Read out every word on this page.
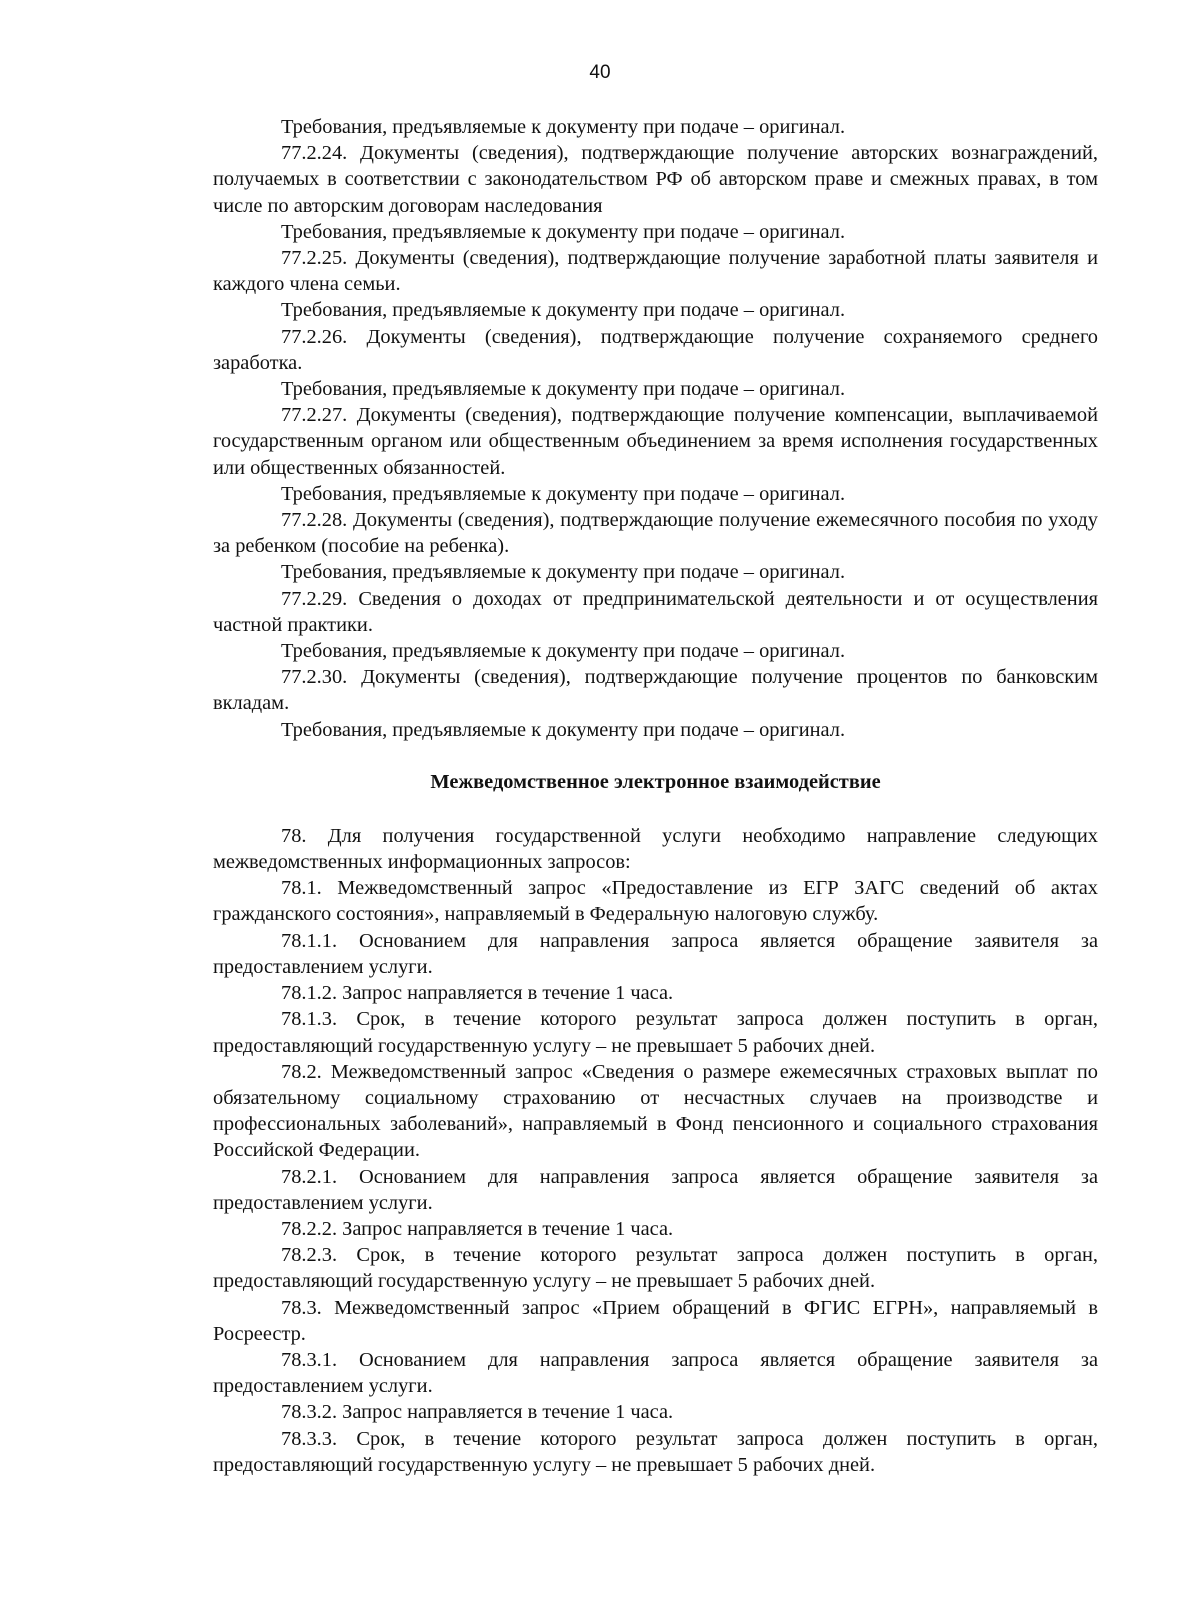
40

Требования, предъявляемые к документу при подаче – оригинал.

77.2.24. Документы (сведения), подтверждающие получение авторских вознаграждений, получаемых в соответствии с законодательством РФ об авторском праве и смежных правах, в том числе по авторским договорам наследования

Требования, предъявляемые к документу при подаче – оригинал.

77.2.25. Документы (сведения), подтверждающие получение заработной платы заявителя и каждого члена семьи.

Требования, предъявляемые к документу при подаче – оригинал.

77.2.26. Документы (сведения), подтверждающие получение сохраняемого среднего заработка.

Требования, предъявляемые к документу при подаче – оригинал.

77.2.27. Документы (сведения), подтверждающие получение компенсации, выплачиваемой государственным органом или общественным объединением за время исполнения государственных или общественных обязанностей.

Требования, предъявляемые к документу при подаче – оригинал.

77.2.28. Документы (сведения), подтверждающие получение ежемесячного пособия по уходу за ребенком (пособие на ребенка).

Требования, предъявляемые к документу при подаче – оригинал.

77.2.29. Сведения о доходах от предпринимательской деятельности и от осуществления частной практики.

Требования, предъявляемые к документу при подаче – оригинал.

77.2.30. Документы (сведения), подтверждающие получение процентов по банковским вкладам.

Требования, предъявляемые к документу при подаче – оригинал.

Межведомственное электронное взаимодействие

78. Для получения государственной услуги необходимо направление следующих межведомственных информационных запросов:

78.1. Межведомственный запрос «Предоставление из ЕГР ЗАГС сведений об актах гражданского состояния», направляемый в Федеральную налоговую службу.

78.1.1. Основанием для направления запроса является обращение заявителя за предоставлением услуги.

78.1.2. Запрос направляется в течение 1 часа.

78.1.3. Срок, в течение которого результат запроса должен поступить в орган, предоставляющий государственную услугу – не превышает 5 рабочих дней.

78.2. Межведомственный запрос «Сведения о размере ежемесячных страховых выплат по обязательному социальному страхованию от несчастных случаев на производстве и профессиональных заболеваний», направляемый в Фонд пенсионного и социального страхования Российской Федерации.

78.2.1. Основанием для направления запроса является обращение заявителя за предоставлением услуги.

78.2.2. Запрос направляется в течение 1 часа.

78.2.3. Срок, в течение которого результат запроса должен поступить в орган, предоставляющий государственную услугу – не превышает 5 рабочих дней.

78.3. Межведомственный запрос «Прием обращений в ФГИС ЕГРН», направляемый в Росреестр.

78.3.1. Основанием для направления запроса является обращение заявителя за предоставлением услуги.

78.3.2. Запрос направляется в течение 1 часа.

78.3.3. Срок, в течение которого результат запроса должен поступить в орган, предоставляющий государственную услугу – не превышает 5 рабочих дней.
